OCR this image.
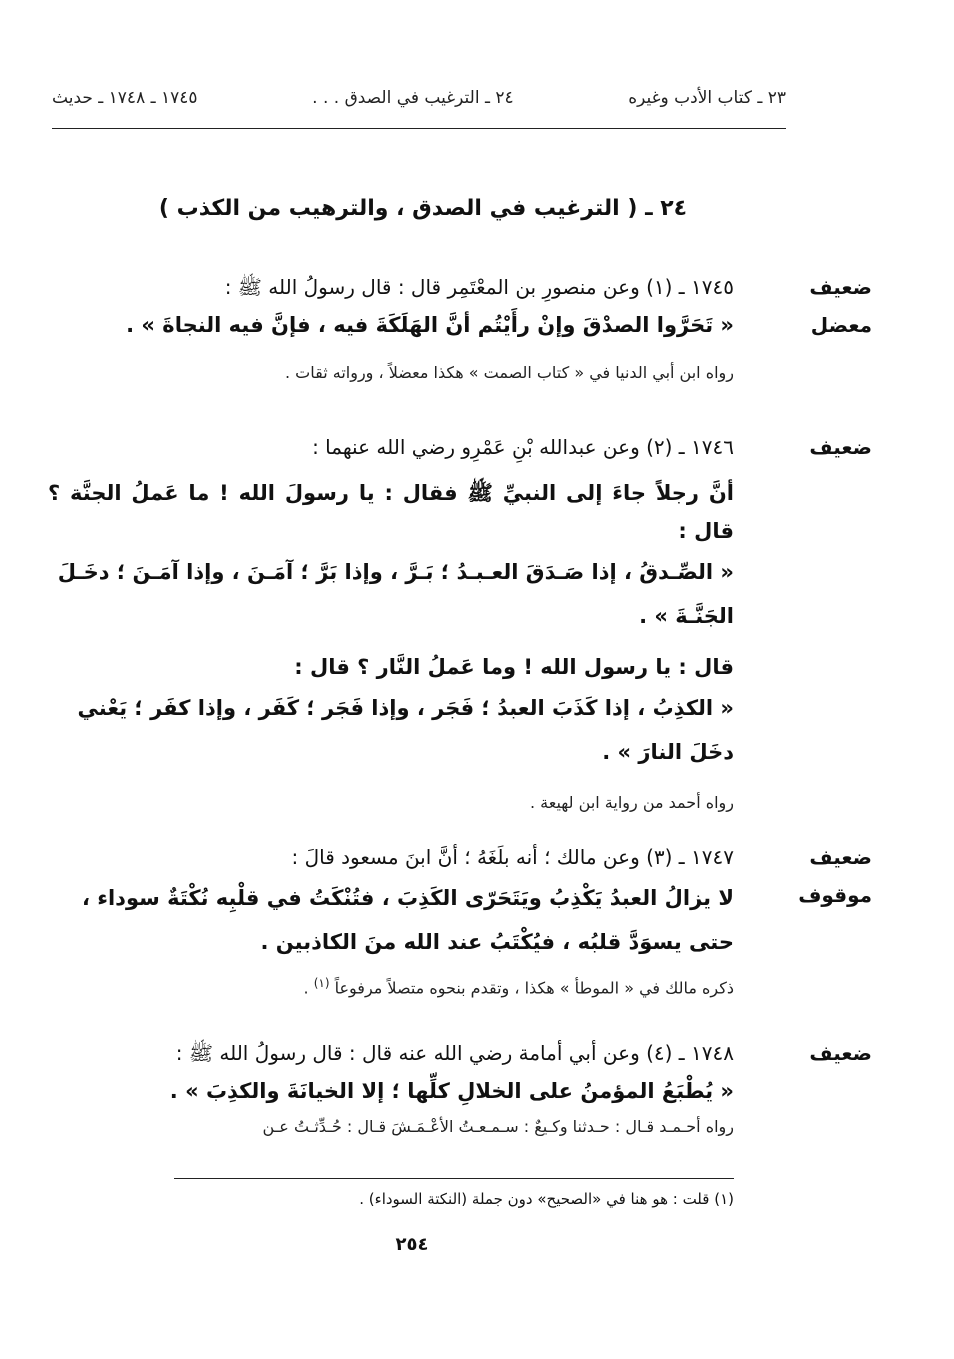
٢٣ ـ كتاب الأدب وغيره
٢٤ ـ الترغيب في الصدق . . .
١٧٤٥ ـ ١٧٤٨ ـ حديث
٢٤ ـ ( الترغيب في الصدق ، والترهيب من الكذب )
ضعيف
معضل
١٧٤٥ ـ (١) وعن منصورِ بن المعْتَمِر قال : قال رسولُ الله ﷺ :
« تَحَرَّوا الصدْقَ وإنْ رأَيْتُم أنَّ الهَلَكَةَ فيه ، فإنَّ فيه النجاةَ » .
رواه ابن أبي الدنيا في « كتاب الصمت » هكذا معضلاً ، ورواته ثقات .
ضعيف
١٧٤٦ ـ (٢) وعن عبدالله بْنِ عَمْرِو رضي الله عنهما :
أنَّ رجلاً جاءَ إلى النبيِّ ﷺ فقال : يا رسولَ الله ! ما عَملُ الجنَّة ؟ قال :
« الصِّـدقُ ، إذا صَـدَقَ العـبـدُ ؛ بَـرَّ ، وإذا بَرَّ ؛ آمَـنَ ، وإذا آمَـنَ ؛ دخَـلَ
الجَنَّـةَ » .
قال : يا رسول الله ! وما عَملُ النَّار ؟ قال :
« الكذِبُ ، إذا كَذَبَ العبدُ ؛ فَجَر ، وإذا فَجَر ؛ كَفَر ، وإذا كفَر ؛ يَعْني
دخَلَ النارَ » .
رواه أحمد من رواية ابن لهيعة .
ضعيف
موقوف
١٧٤٧ ـ (٣) وعن مالك ؛ أنه بلَغَهُ ؛ أنَّ ابنَ مسعود قالَ :
لا يزالُ العبدُ يَكْذِبُ ويَتَحَرّى الكَذِبَ ، فتُنْكَتُ في قلْبِه نُكْتَةٌ سوداء ،
حتى يسوَدَّ قلبُه ، فيُكْتَبُ عند الله منَ الكاذبين .
ذكره مالك في « الموطأ » هكذا ، وتقدم بنحوه متصلاً مرفوعاً $^{(١)}$ .
ضعيف
١٧٤٨ ـ (٤) وعن أبي أمامة رضي الله عنه قال : قال رسولُ الله ﷺ :
« يُطْبَعُ المؤمنُ على الخلالِ كلِّها ؛ إلا الخيانَةَ والكذِبَ » .
رواه أحـمـد قـال : حـدثنا وكـيعٌ : سـمـعـتُ الأعْـمَـشَ قـال : حُـدِّثـتُ عـن
(١) قلت : هو هنا في «الصحيح» دون جملة (النكتة السوداء) .
٢٥٤
